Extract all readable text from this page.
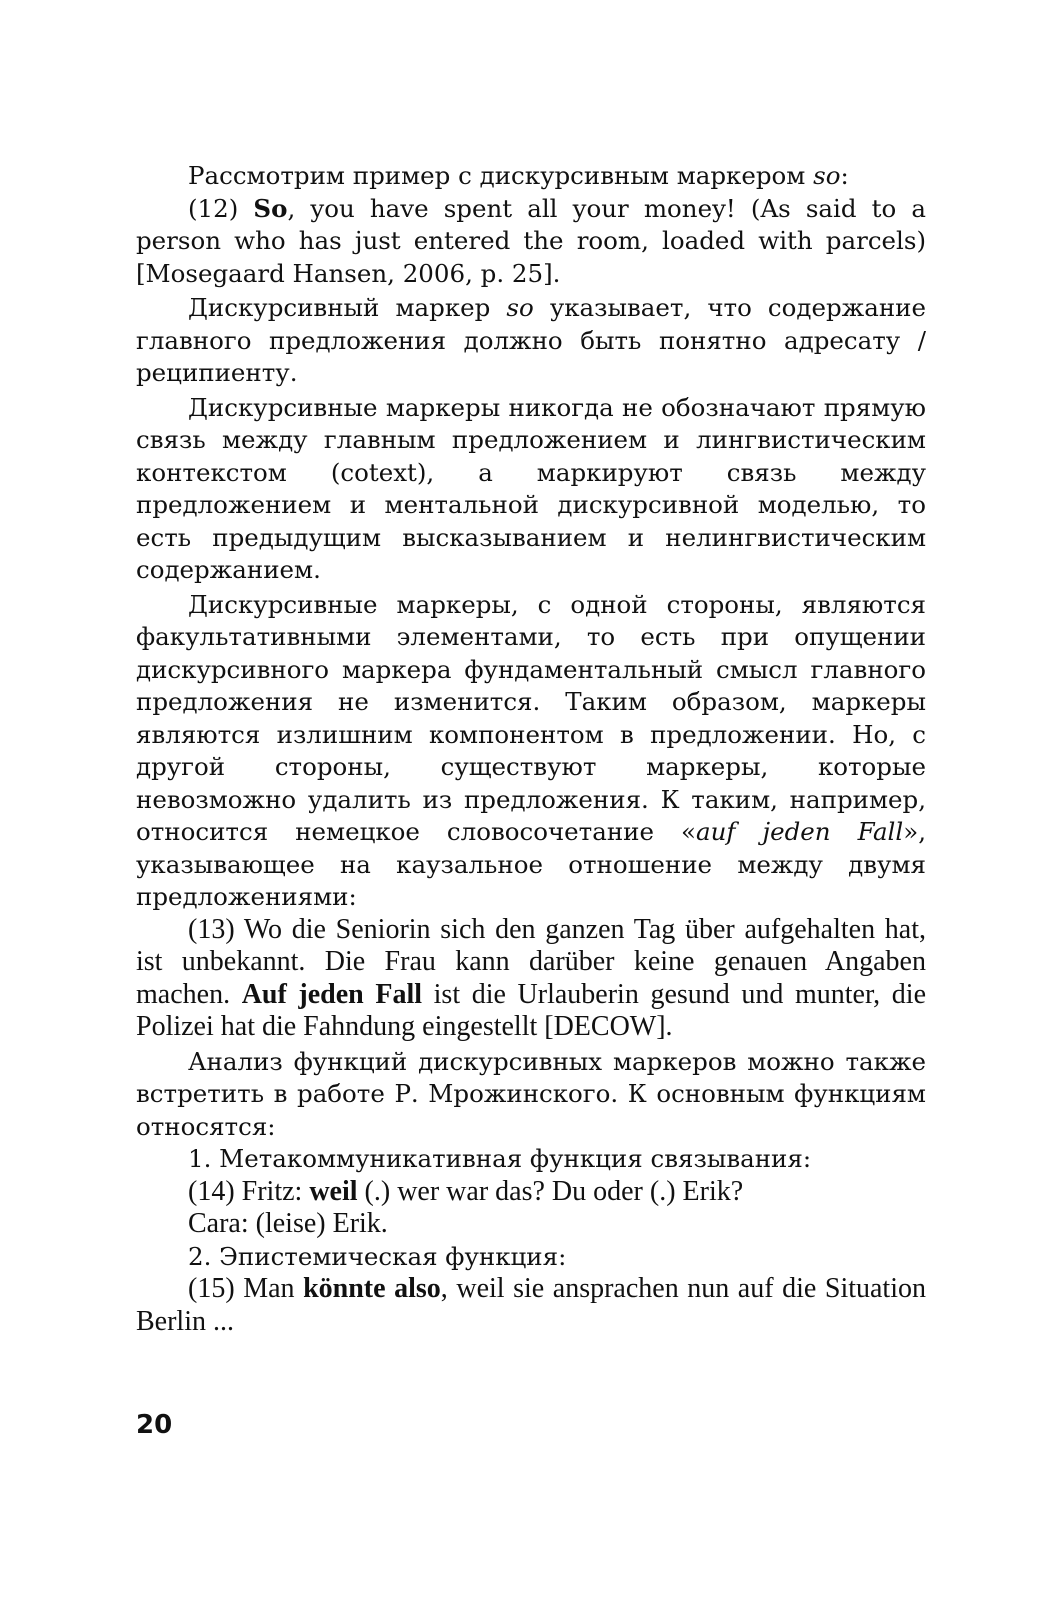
Рассмотрим пример с дискурсивным маркером so:

(12) So, you have spent all your money! (As said to a person who has just entered the room, loaded with parcels) [Mosegaard Hansen, 2006, p. 25].

Дискурсивный маркер so указывает, что содержание главного предложения должно быть понятно адресату / реципиенту.

Дискурсивные маркеры никогда не обозначают прямую связь между главным предложением и лингвистическим контекстом (cotext), а маркируют связь между предложением и ментальной дискурсивной моделью, то есть предыдущим высказыванием и нелингвистическим содержанием.

Дискурсивные маркеры, с одной стороны, являются факультативными элементами, то есть при опущении дискурсивного маркера фундаментальный смысл главного предложения не изменится. Таким образом, маркеры являются излишним компонентом в предложении. Но, с другой стороны, существуют маркеры, которые невозможно удалить из предложения. К таким, например, относится немецкое словосочетание «auf jeden Fall», указывающее на каузальное отношение между двумя предложениями:

(13) Wo die Seniorin sich den ganzen Tag über aufgehalten hat, ist unbekannt. Die Frau kann darüber keine genauen Angaben machen. Auf jeden Fall ist die Urlauberin gesund und munter, die Polizei hat die Fahndung eingestellt [DECOW].

Анализ функций дискурсивных маркеров можно также встретить в работе Р. Мрожинского. К основным функциям относятся:

1. Метакоммуникативная функция связывания:

(14) Fritz: weil (.) wer war das? Du oder (.) Erik?

Cara: (leise) Erik.

2. Эпистемическая функция:

(15) Man könnte also, weil sie ansprachen nun auf die Situation Berlin ...

20
